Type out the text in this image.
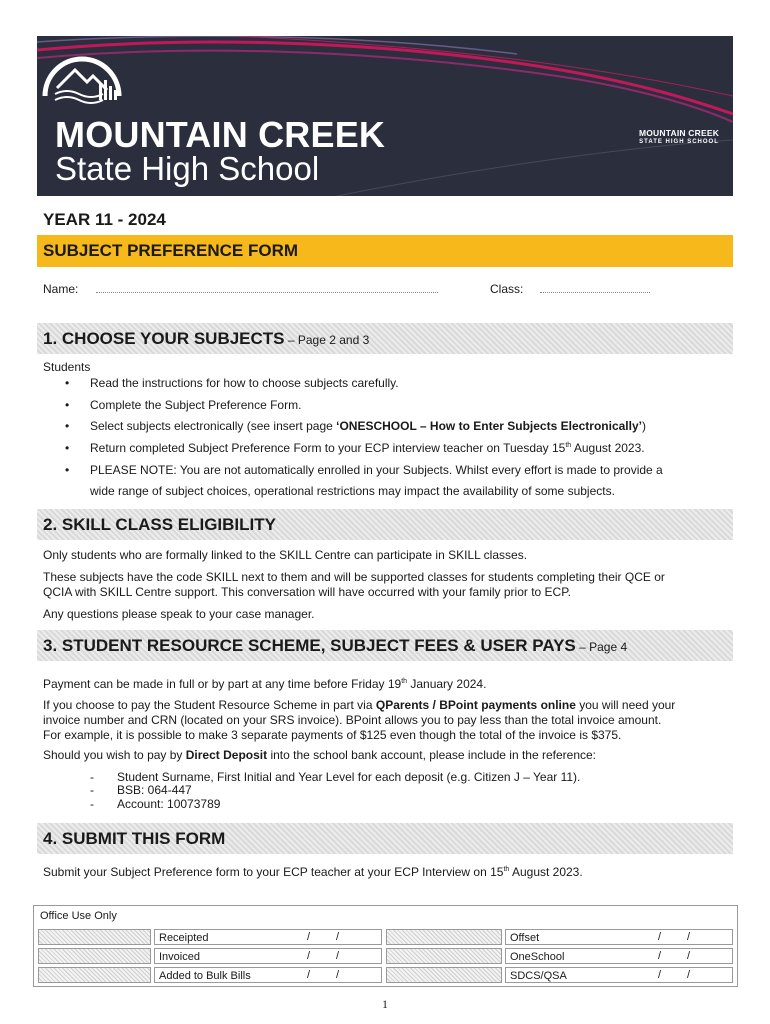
MOUNTAIN CREEK
State High School
MOUNTAIN CREEK
STATE HIGH SCHOOL
YEAR 11 - 2024
SUBJECT PREFERENCE FORM
Name:	Class:
1. CHOOSE YOUR SUBJECTS – Page 2 and 3
Students
• Read the instructions for how to choose subjects carefully.
• Complete the Subject Preference Form.
• Select subjects electronically (see insert page ‘ONESCHOOL – How to Enter Subjects Electronically’)
• Return completed Subject Preference Form to your ECP interview teacher on Tuesday 15th August 2023.
• PLEASE NOTE: You are not automatically enrolled in your Subjects. Whilst every effort is made to provide a
wide range of subject choices, operational restrictions may impact the availability of some subjects.
2. SKILL CLASS ELIGIBILITY
Only students who are formally linked to the SKILL Centre can participate in SKILL classes.
These subjects have the code SKILL next to them and will be supported classes for students completing their QCE or
QCIA with SKILL Centre support. This conversation will have occurred with your family prior to ECP.
Any questions please speak to your case manager.
3. STUDENT RESOURCE SCHEME, SUBJECT FEES & USER PAYS – Page 4
Payment can be made in full or by part at any time before Friday 19th January 2024.
If you choose to pay the Student Resource Scheme in part via QParents / BPoint payments online you will need your
invoice number and CRN (located on your SRS invoice). BPoint allows you to pay less than the total invoice amount.
For example, it is possible to make 3 separate payments of $125 even though the total of the invoice is $375.
Should you wish to pay by Direct Deposit into the school bank account, please include in the reference:
- Student Surname, First Initial and Year Level for each deposit (e.g. Citizen J – Year 11).
- BSB: 064-447
- Account: 10073789
4. SUBMIT THIS FORM
Submit your Subject Preference form to your ECP teacher at your ECP Interview on 15th August 2023.
Office Use Only
Receipted	//	Offset	//
Invoiced	//	OneSchool	//
Added to Bulk Bills	//	SDCS/QSA	//
1
